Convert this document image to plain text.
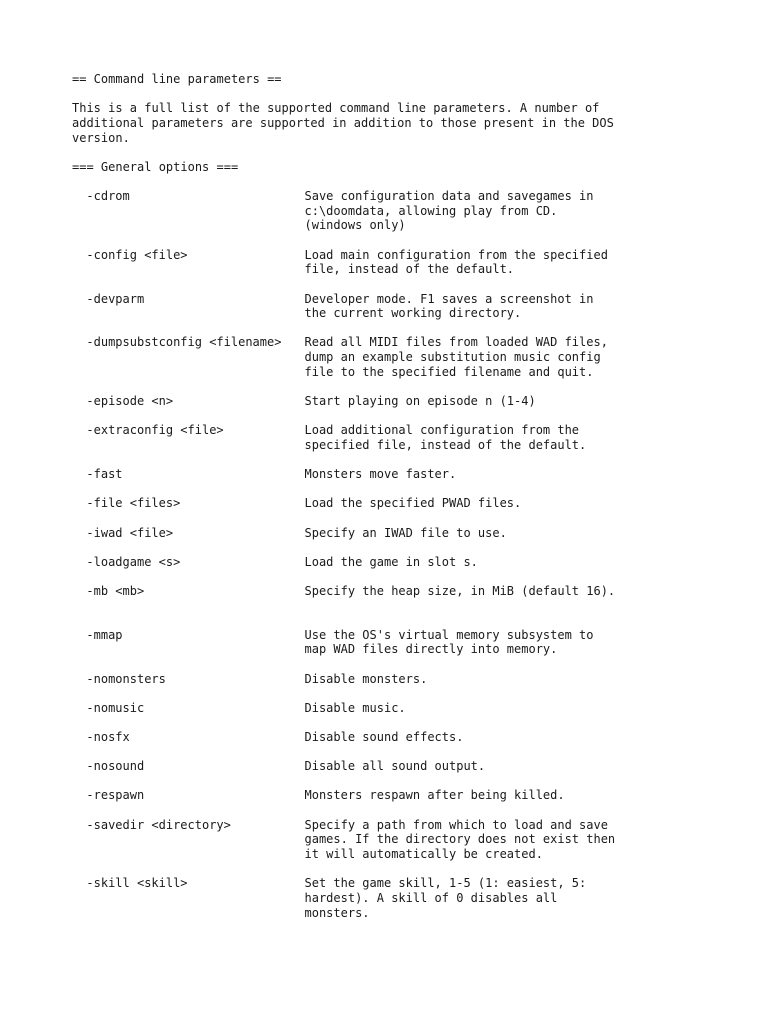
== Command line parameters ==
This is a full list of the supported command line parameters. A number of
additional parameters are supported in addition to those present in the DOS
version.
=== General options ===
-cdrom	Save configuration data and savegames in
c:\doomdata, allowing play from CD.
(windows only)
-config <file>	Load main configuration from the specified
file, instead of the default.
-devparm	Developer mode. F1 saves a screenshot in
the current working directory.
-dumpsubstconfig <filename> Read all MIDI files from loaded WAD files,
dump an example substitution music config
file to the specified filename and quit.
-episode <n>	Start playing on episode n (1-4)
-extraconfig <file>	Load additional configuration from the
specified file, instead of the default.
-fast	Monsters move faster.
-file <files>	Load the specified PWAD files.
-iwad <file>	Specify an IWAD file to use.
-loadgame <s>	Load the game in slot s.
-mb <mb>	Specify the heap size, in MiB (default 16).
-mmap	Use the OS's virtual memory subsystem to
map WAD files directly into memory.
-nomonsters	Disable monsters.
-nomusic	Disable music.
-nosfx	Disable sound effects.
-nosound	Disable all sound output.
-respawn	Monsters respawn after being killed.
-savedir <directory>	Specify a path from which to load and save
games. If the directory does not exist then
it will automatically be created.
-skill <skill>	Set the game skill, 1-5 (1: easiest, 5:
hardest). A skill of 0 disables all
monsters.
